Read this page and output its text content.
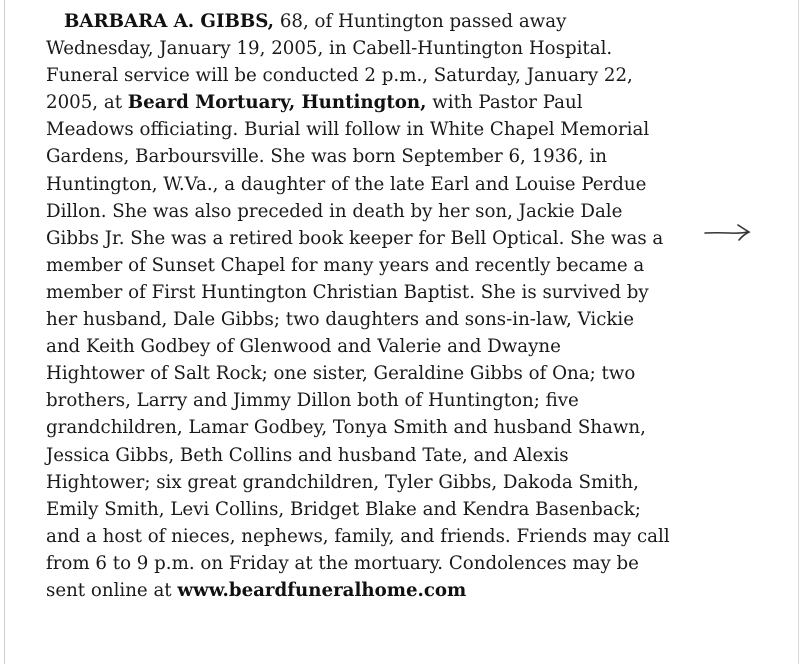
BARBARA A. GIBBS, 68, of Huntington passed away
Wednesday, January 19, 2005, in Cabell-Huntington Hospital.
Funeral service will be conducted 2 p.m., Saturday, January 22,
2005, at Beard Mortuary, Huntington, with Pastor Paul
Meadows officiating. Burial will follow in White Chapel Memorial
Gardens, Barboursville. She was born September 6, 1936, in
Huntington, W.Va., a daughter of the late Earl and Louise Perdue
Dillon. She was also preceded in death by her son, Jackie Dale
Gibbs Jr. She was a retired book keeper for Bell Optical. She was a
member of Sunset Chapel for many years and recently became a
member of First Huntington Christian Baptist. She is survived by
her husband, Dale Gibbs; two daughters and sons-in-law, Vickie
and Keith Godbey of Glenwood and Valerie and Dwayne
Hightower of Salt Rock; one sister, Geraldine Gibbs of Ona; two
brothers, Larry and Jimmy Dillon both of Huntington; five
grandchildren, Lamar Godbey, Tonya Smith and husband Shawn,
Jessica Gibbs, Beth Collins and husband Tate, and Alexis
Hightower; six great grandchildren, Tyler Gibbs, Dakoda Smith,
Emily Smith, Levi Collins, Bridget Blake and Kendra Basenback;
and a host of nieces, nephews, family, and friends. Friends may call
from 6 to 9 p.m. on Friday at the mortuary. Condolences may be
sent online at www.beardfuneralhome.com
